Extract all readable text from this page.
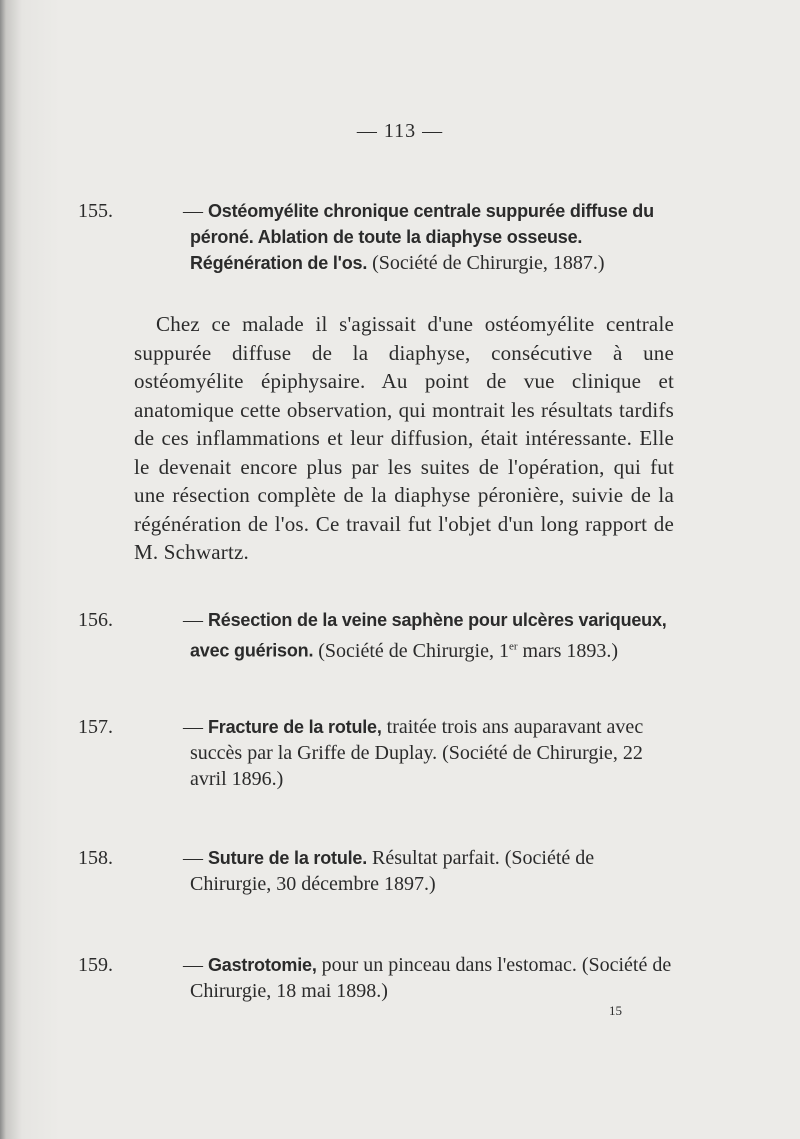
— 113 —
155.	— Ostéomyélite chronique centrale suppurée diffuse du péroné. Ablation de toute la diaphyse osseuse. Régénération de l'os. (Société de Chirurgie, 1887.)
Chez ce malade il s'agissait d'une ostéomyélite centrale suppurée diffuse de la diaphyse, consécutive à une ostéomyélite épiphysaire. Au point de vue clinique et anatomique cette observation, qui montrait les résultats tardifs de ces inflammations et leur diffusion, était intéressante. Elle le devenait encore plus par les suites de l'opération, qui fut une résection complète de la diaphyse péronière, suivie de la régénération de l'os. Ce travail fut l'objet d'un long rapport de M. Schwartz.
156.	— Résection de la veine saphène pour ulcères variqueux, avec guérison. (Société de Chirurgie, 1er mars 1893.)
157.	— Fracture de la rotule, traitée trois ans auparavant avec succès par la Griffe de Duplay. (Société de Chirurgie, 22 avril 1896.)
158.	— Suture de la rotule. Résultat parfait. (Société de Chirurgie, 30 décembre 1897.)
159.	— Gastrotomie, pour un pinceau dans l'estomac. (Société de Chirurgie, 18 mai 1898.)
15
